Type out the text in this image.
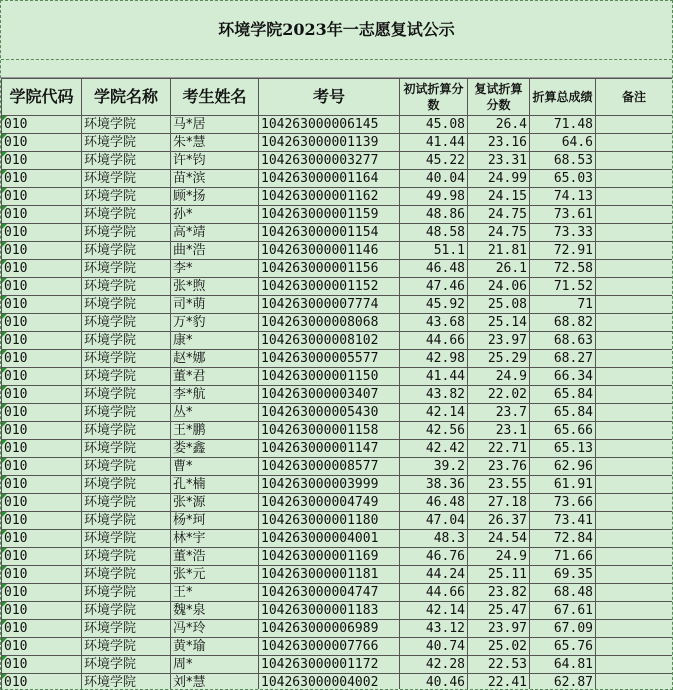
环境学院2023年一志愿复试公示
学院代码	学院名称	考生姓名	考号	初试折算分数	复试折算分数	折算总成绩	备注
010	环境学院	马*居	104263000006145	45.08	26.4	71.48	
010	环境学院	朱*慧	104263000001139	41.44	23.16	64.6	
010	环境学院	许*钧	104263000003277	45.22	23.31	68.53	
010	环境学院	苗*滨	104263000001164	40.04	24.99	65.03	
010	环境学院	顾*扬	104263000001162	49.98	24.15	74.13	
010	环境学院	孙*	104263000001159	48.86	24.75	73.61	
010	环境学院	高*靖	104263000001154	48.58	24.75	73.33	
010	环境学院	曲*浩	104263000001146	51.1	21.81	72.91	
010	环境学院	李*	104263000001156	46.48	26.1	72.58	
010	环境学院	张*煦	104263000001152	47.46	24.06	71.52	
010	环境学院	司*萌	104263000007774	45.92	25.08	71	
010	环境学院	万*豹	104263000008068	43.68	25.14	68.82	
010	环境学院	康*	104263000008102	44.66	23.97	68.63	
010	环境学院	赵*娜	104263000005577	42.98	25.29	68.27	
010	环境学院	董*君	104263000001150	41.44	24.9	66.34	
010	环境学院	李*航	104263000003407	43.82	22.02	65.84	
010	环境学院	丛*	104263000005430	42.14	23.7	65.84	
010	环境学院	王*鹏	104263000001158	42.56	23.1	65.66	
010	环境学院	娄*鑫	104263000001147	42.42	22.71	65.13	
010	环境学院	曹*	104263000008577	39.2	23.76	62.96	
010	环境学院	孔*楠	104263000003999	38.36	23.55	61.91	
010	环境学院	张*源	104263000004749	46.48	27.18	73.66	
010	环境学院	杨*珂	104263000001180	47.04	26.37	73.41	
010	环境学院	林*宇	104263000004001	48.3	24.54	72.84	
010	环境学院	董*浩	104263000001169	46.76	24.9	71.66	
010	环境学院	张*元	104263000001181	44.24	25.11	69.35	
010	环境学院	王*	104263000004747	44.66	23.82	68.48	
010	环境学院	魏*泉	104263000001183	42.14	25.47	67.61	
010	环境学院	冯*玲	104263000006989	43.12	23.97	67.09	
010	环境学院	黄*瑜	104263000007766	40.74	25.02	65.76	
010	环境学院	周*	104263000001172	42.28	22.53	64.81	
010	环境学院	刘*慧	104263000004002	40.46	22.41	62.87	
